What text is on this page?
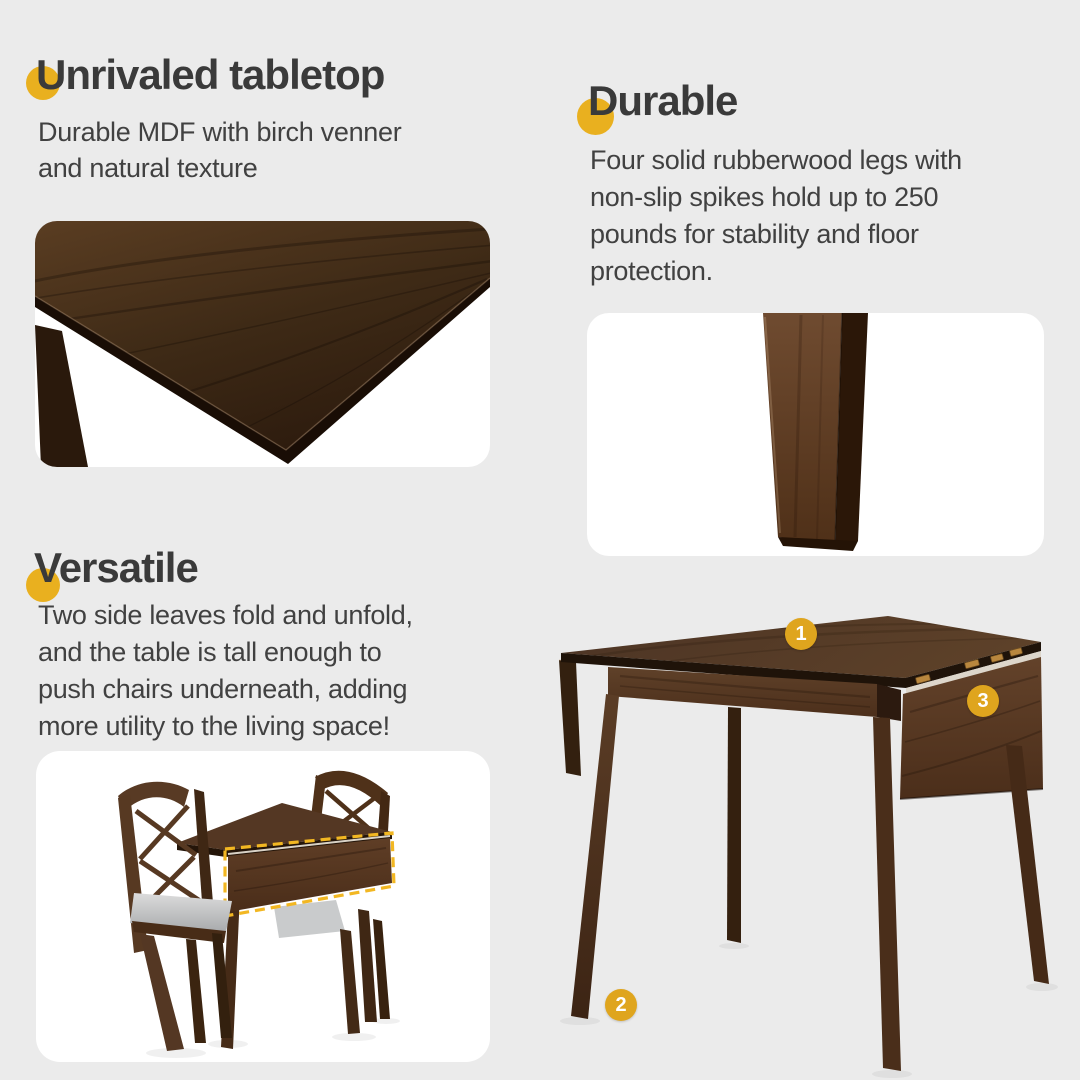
Unrivaled tabletop
Durable MDF with birch venner
and natural texture
Durable
Four solid rubberwood legs with
non-slip spikes hold up to 250
pounds for stability and floor
protection.
Versatile
Two side leaves fold and unfold,
and the table is tall enough to
push chairs underneath, adding
more utility to the living space!
1
2
3
